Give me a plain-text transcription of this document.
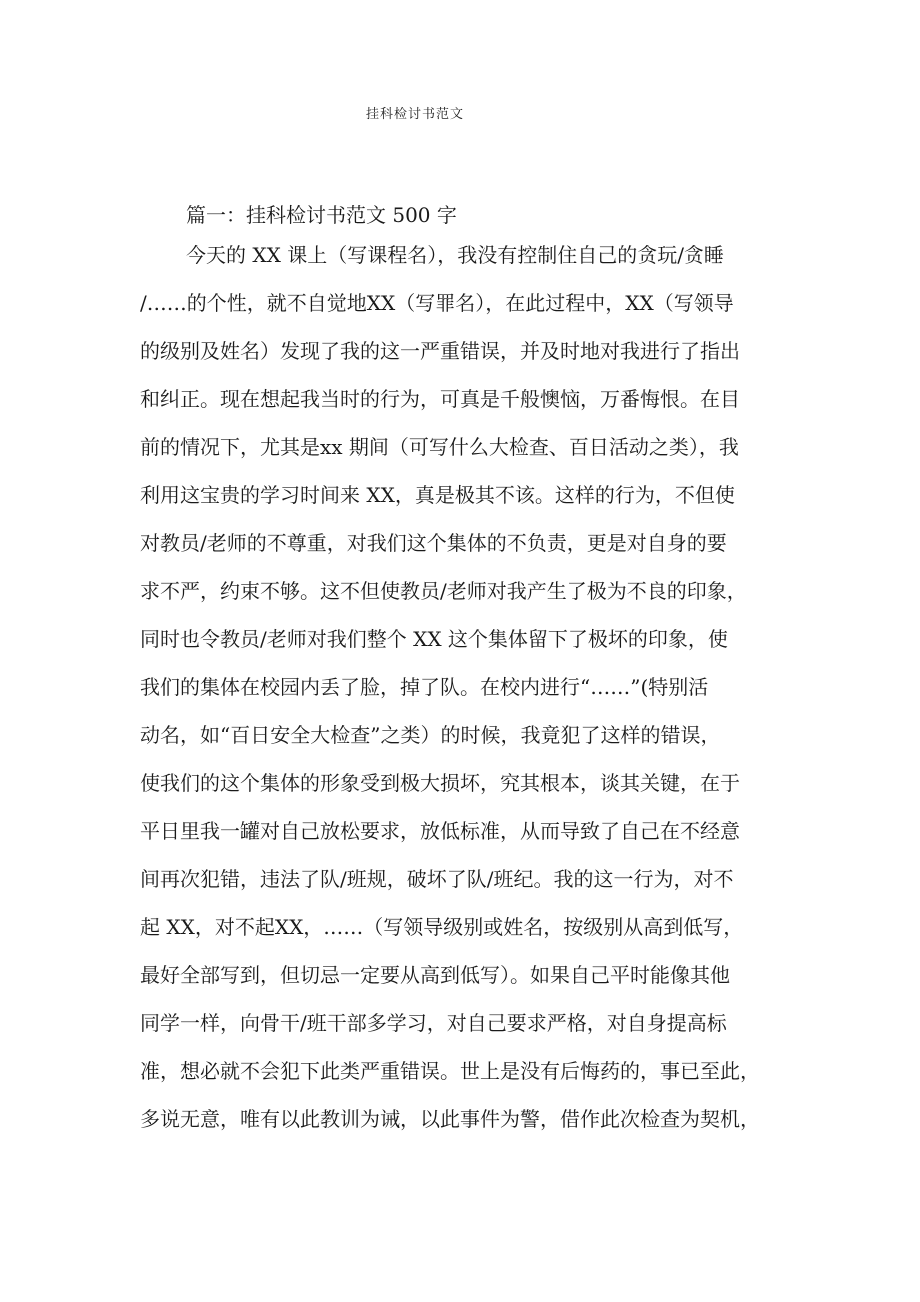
挂科检讨书范文
篇一：挂科检讨书范文 500 字
今天的 XX 课上（写课程名），我没有控制住自己的贪玩/贪睡
/……的个性，就不自觉地XX（写罪名），在此过程中，XX（写领导
的级别及姓名）发现了我的这一严重错误，并及时地对我进行了指出
和纠正。现在想起我当时的行为，可真是千般懊恼，万番悔恨。在目
前的情况下，尤其是xx 期间（可写什么大检查、百日活动之类），我
利用这宝贵的学习时间来 XX，真是极其不该。这样的行为，不但使
对教员/老师的不尊重，对我们这个集体的不负责，更是对自身的要
求不严，约束不够。这不但使教员/老师对我产生了极为不良的印象，
同时也令教员/老师对我们整个 XX 这个集体留下了极坏的印象，使
我们的集体在校园内丢了脸，掉了队。在校内进行“……”(特别活
动名，如“百日安全大检查”之类）的时候，我竟犯了这样的错误，
使我们的这个集体的形象受到极大损坏，究其根本，谈其关键，在于
平日里我一罐对自己放松要求，放低标准，从而导致了自己在不经意
间再次犯错，违法了队/班规，破坏了队/班纪。我的这一行为，对不
起 XX，对不起XX，……（写领导级别或姓名，按级别从高到低写，
最好全部写到，但切忌一定要从高到低写）。如果自己平时能像其他
同学一样，向骨干/班干部多学习，对自己要求严格，对自身提高标
准，想必就不会犯下此类严重错误。世上是没有后悔药的，事已至此，
多说无意，唯有以此教训为诫，以此事件为警，借作此次检查为契机，
